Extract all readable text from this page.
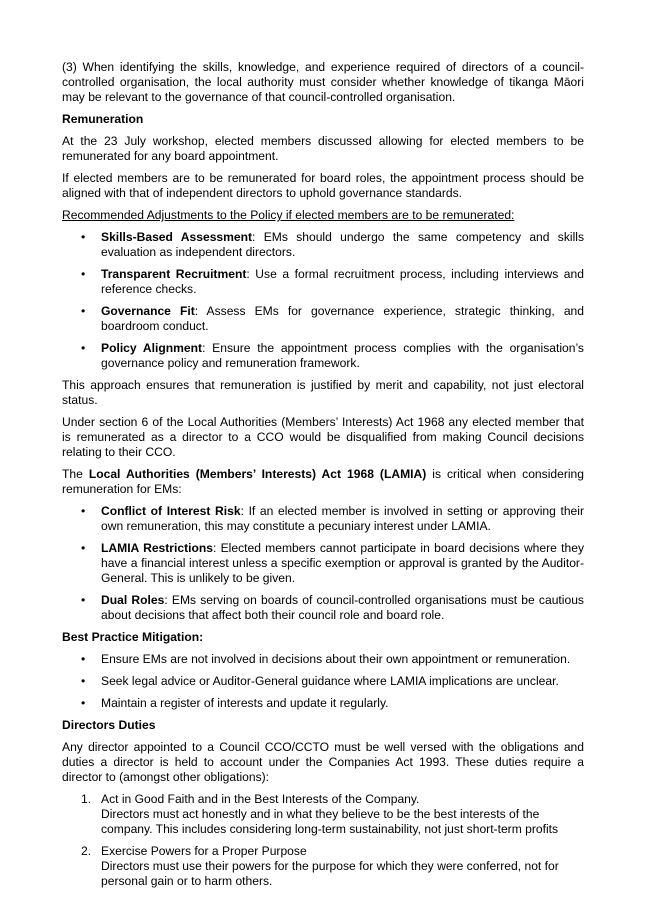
(3) When identifying the skills, knowledge, and experience required of directors of a council-controlled organisation, the local authority must consider whether knowledge of tikanga Māori may be relevant to the governance of that council-controlled organisation.

Remuneration

At the 23 July workshop, elected members discussed allowing for elected members to be remunerated for any board appointment.

If elected members are to be remunerated for board roles, the appointment process should be aligned with that of independent directors to uphold governance standards.

Recommended Adjustments to the Policy if elected members are to be remunerated:

• Skills-Based Assessment: EMs should undergo the same competency and skills evaluation as independent directors.
• Transparent Recruitment: Use a formal recruitment process, including interviews and reference checks.
• Governance Fit: Assess EMs for governance experience, strategic thinking, and boardroom conduct.
• Policy Alignment: Ensure the appointment process complies with the organisation’s governance policy and remuneration framework.

This approach ensures that remuneration is justified by merit and capability, not just electoral status.

Under section 6 of the Local Authorities (Members’ Interests) Act 1968 any elected member that is remunerated as a director to a CCO would be disqualified from making Council decisions relating to their CCO.

The Local Authorities (Members’ Interests) Act 1968 (LAMIA) is critical when considering remuneration for EMs:

• Conflict of Interest Risk: If an elected member is involved in setting or approving their own remuneration, this may constitute a pecuniary interest under LAMIA.
• LAMIA Restrictions: Elected members cannot participate in board decisions where they have a financial interest unless a specific exemption or approval is granted by the Auditor-General. This is unlikely to be given.
• Dual Roles: EMs serving on boards of council-controlled organisations must be cautious about decisions that affect both their council role and board role.
Best Practice Mitigation:
• Ensure EMs are not involved in decisions about their own appointment or remuneration.
• Seek legal advice or Auditor-General guidance where LAMIA implications are unclear.
• Maintain a register of interests and update it regularly.
Directors Duties

Any director appointed to a Council CCO/CCTO must be well versed with the obligations and duties a director is held to account under the Companies Act 1993. These duties require a director to (amongst other obligations):

1. Act in Good Faith and in the Best Interests of the Company.
Directors must act honestly and in what they believe to be the best interests of the
company. This includes considering long-term sustainability, not just short-term profits
2. Exercise Powers for a Proper Purpose
Directors must use their powers for the purpose for which they were conferred, not for
personal gain or to harm others.
